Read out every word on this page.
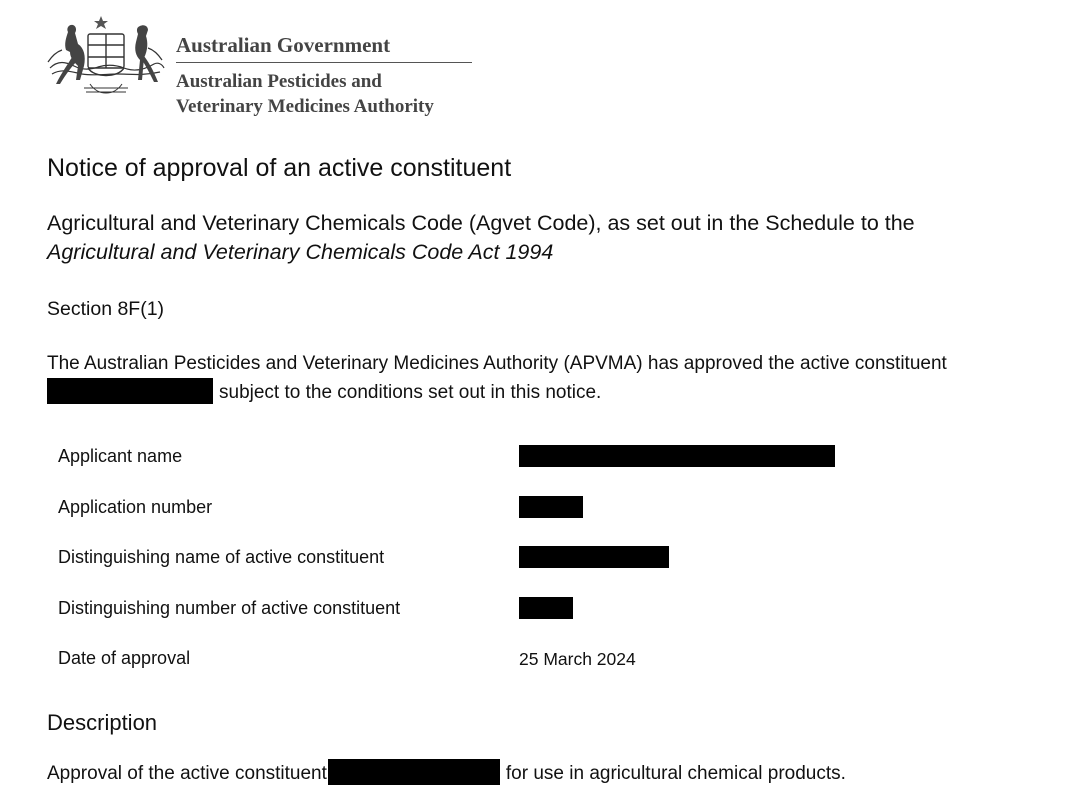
Australian Government
Australian Pesticides and
Veterinary Medicines Authority
Notice of approval of an active constituent
Agricultural and Veterinary Chemicals Code (Agvet Code), as set out in the Schedule to the
Agricultural and Veterinary Chemicals Code Act 1994
Section 8F(1)
The Australian Pesticides and Veterinary Medicines Authority (APVMA) has approved the active constituent
subject to the conditions set out in this notice.
Applicant name
Application number
Distinguishing name of active constituent
Distinguishing number of active constituent
Date of approval	25 March 2024
Description
Approval of the active constituent	for use in agricultural chemical products.
